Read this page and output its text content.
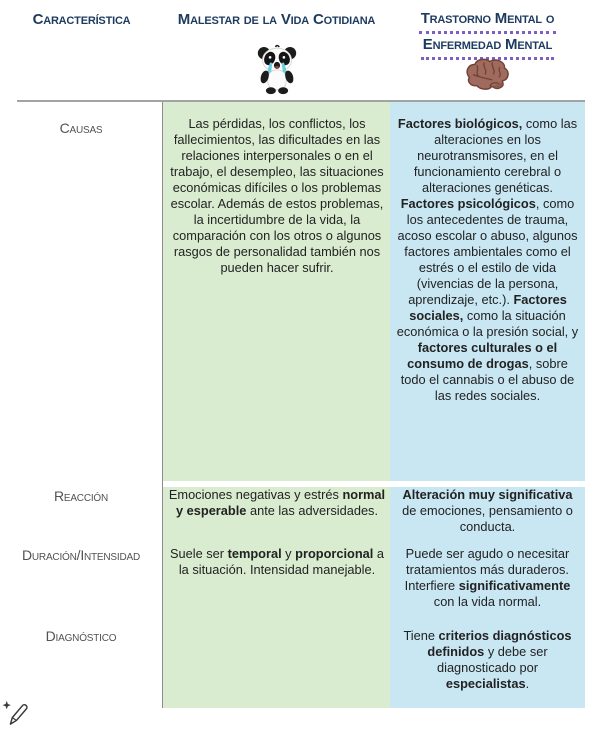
Característica	Malestar de la Vida Cotidiana	Trastorno Mental o
Enfermedad Mental
Causas
Reacción
Duración/Intensidad
Diagnóstico
Las pérdidas, los conflictos, los fallecimientos, las dificultades en las relaciones interpersonales o en el trabajo, el desempleo, las situaciones económicas difíciles o los problemas escolar. Además de estos problemas, la incertidumbre de la vida, la comparación con los otros o algunos rasgos de personalidad también nos pueden hacer sufrir.
Factores biológicos, como las alteraciones en los neurotransmisores, en el funcionamiento cerebral o alteraciones genéticas. Factores psicológicos, como los antecedentes de trauma, acoso escolar o abuso, algunos factores ambientales como el estrés o el estilo de vida (vivencias de la persona, aprendizaje, etc.). Factores sociales, como la situación económica o la presión social, y factores culturales o el consumo de drogas, sobre todo el cannabis o el abuso de las redes sociales.
Emociones negativas y estrés normal y esperable ante las adversidades.
Alteración muy significativa de emociones, pensamiento o conducta.
Suele ser temporal y proporcional a la situación. Intensidad manejable.
Puede ser agudo o necesitar tratamientos más duraderos. Interfiere significativamente con la vida normal.
Tiene criterios diagnósticos definidos y debe ser diagnosticado por especialistas.
